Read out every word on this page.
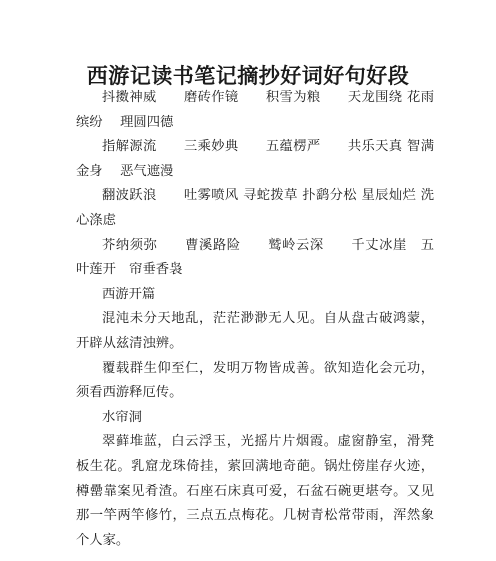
西游记读书笔记摘抄好词好句好段

抖擞神威　　磨砖作镜　　积雪为粮　　天龙围绕 花雨缤纷　 理圆四德

指解源流　　三乘妙典　　五蕴楞严　　共乐天真 智满金身　 恶气遮漫

翻波跃浪　　吐雾喷风 寻蛇拨草 扑鹞分松 星辰灿烂 洗心涤虑

芥纳须弥　　曹溪路险　　鹫岭云深　　千丈冰崖　五叶莲开　帘垂香袅

西游开篇

混沌未分天地乱，茫茫渺渺无人见。自从盘古破鸿蒙，开辟从兹清浊辨。

覆载群生仰至仁，发明万物皆成善。欲知造化会元功，须看西游释厄传。

水帘洞

翠藓堆蓝，白云浮玉，光摇片片烟霞。虚窗静室，滑凳板生花。乳窟龙珠倚挂，萦回满地奇葩。锅灶傍崖存火迹，樽罍靠案见肴渣。石座石床真可爱，石盆石碗更堪夸。又见那一竿两竿修竹，三点五点梅花。几树青松常带雨，浑然象个人家。
